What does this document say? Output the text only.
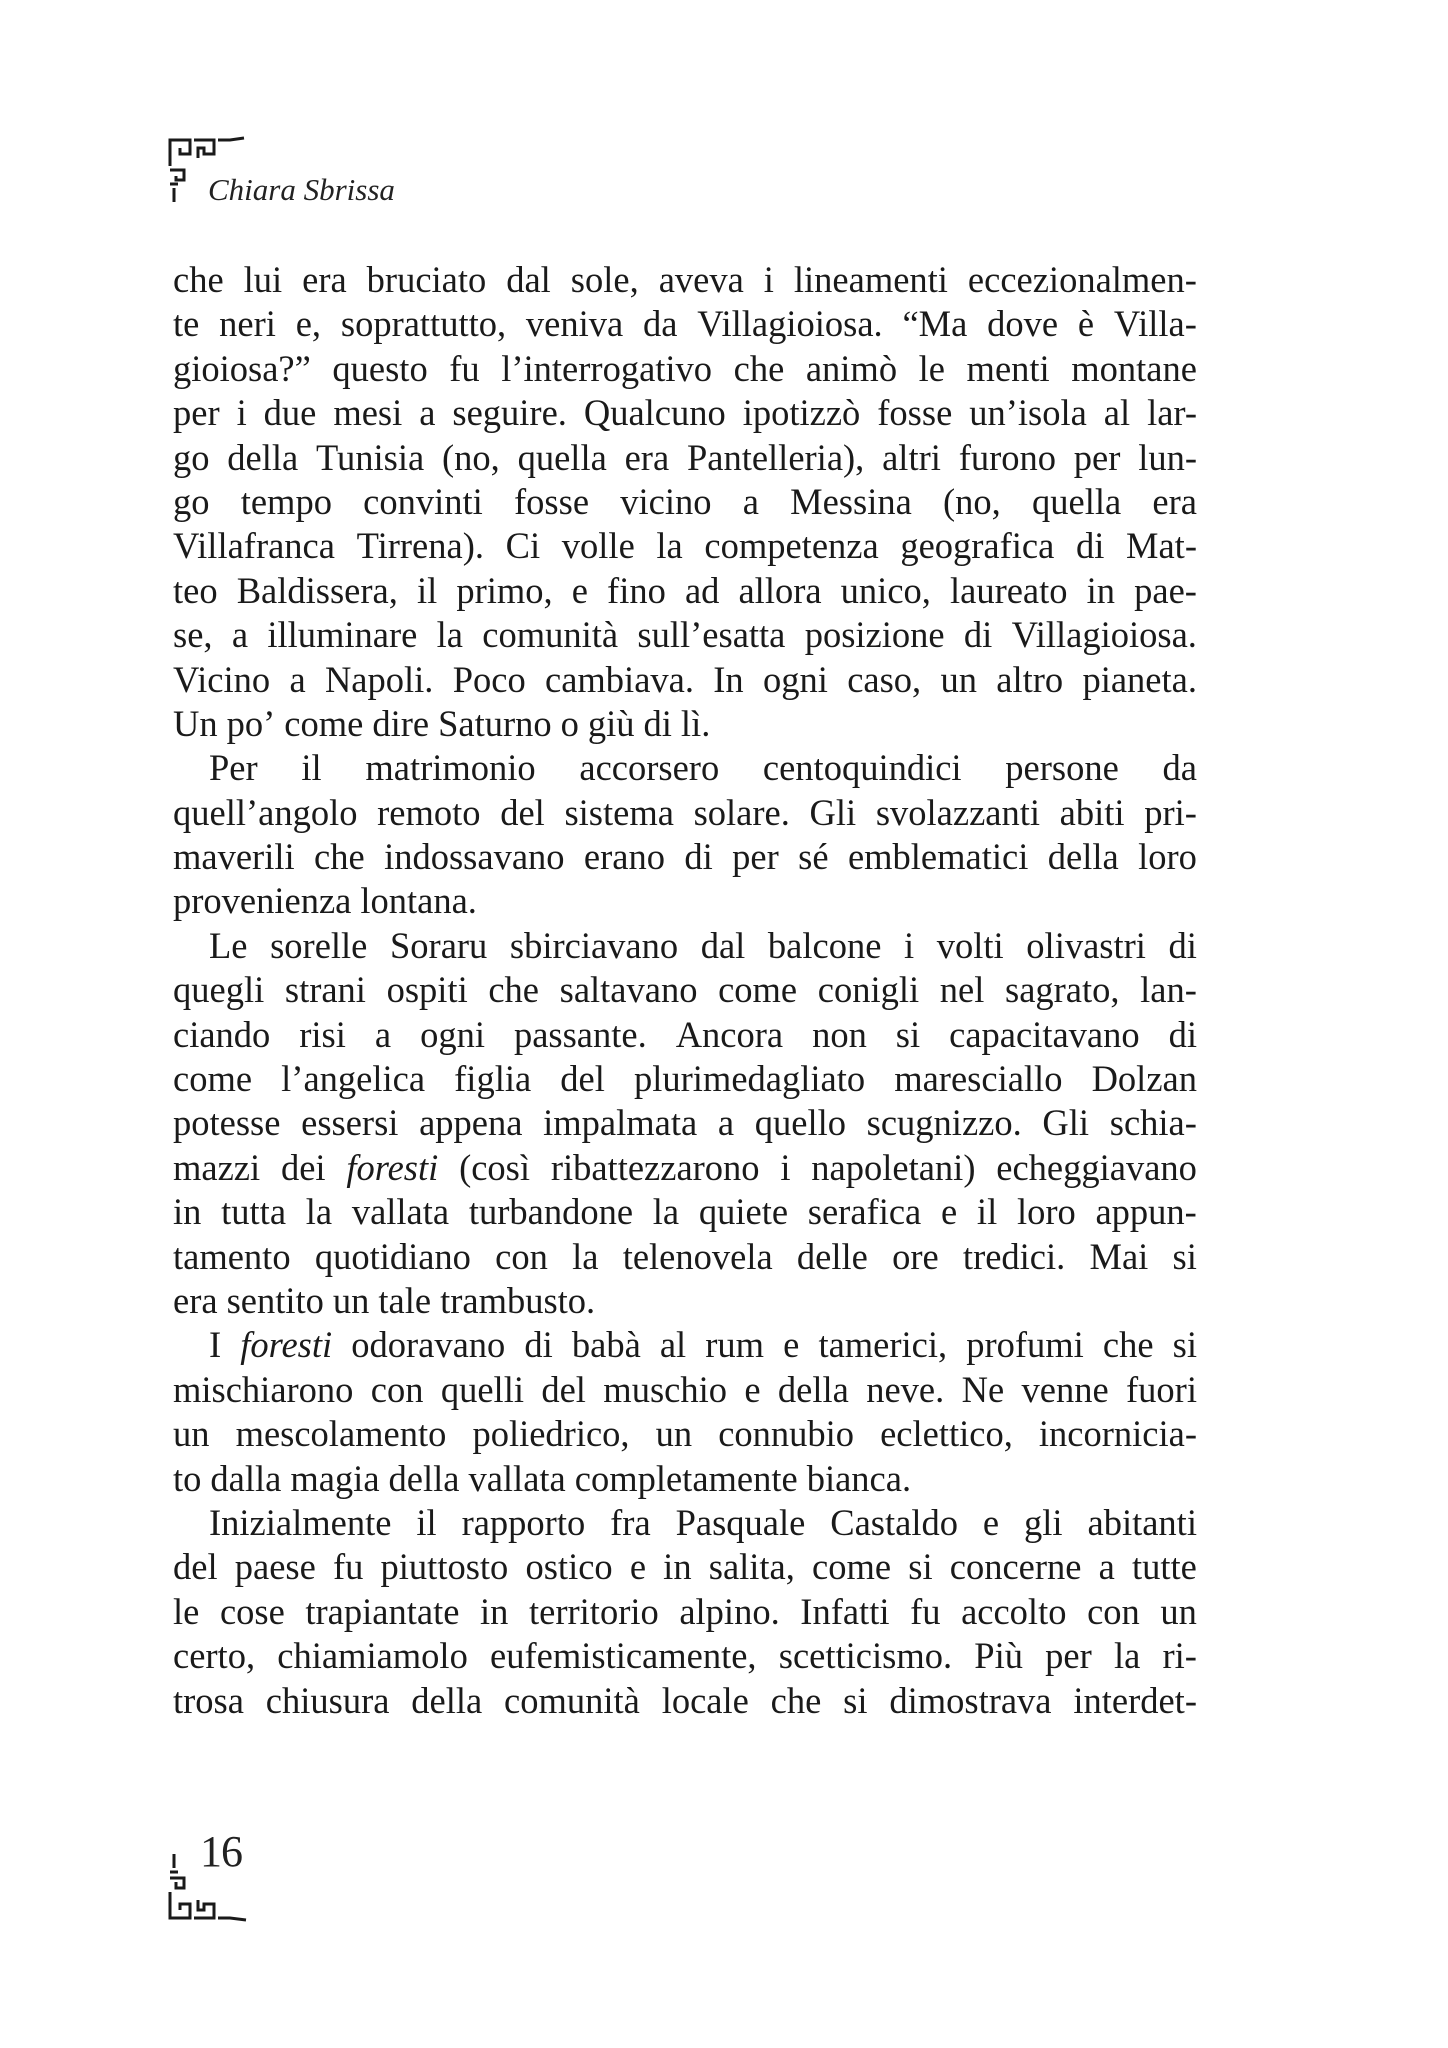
Chiara Sbrissa
che lui era bruciato dal sole, aveva i lineamenti eccezionalmen-
te neri e, soprattutto, veniva da Villagioiosa. “Ma dove è Villa-
gioiosa?” questo fu l’interrogativo che animò le menti montane
per i due mesi a seguire. Qualcuno ipotizzò fosse un’isola al lar-
go della Tunisia (no, quella era Pantelleria), altri furono per lun-
go tempo convinti fosse vicino a Messina (no, quella era
Villafranca Tirrena). Ci volle la competenza geografica di Mat-
teo Baldissera, il primo, e fino ad allora unico, laureato in pae-
se, a illuminare la comunità sull’esatta posizione di Villagioiosa.
Vicino a Napoli. Poco cambiava. In ogni caso, un altro pianeta.
Un po’ come dire Saturno o giù di lì.
Per il matrimonio accorsero centoquindici persone da
quell’angolo remoto del sistema solare. Gli svolazzanti abiti pri-
maverili che indossavano erano di per sé emblematici della loro
provenienza lontana.
Le sorelle Soraru sbirciavano dal balcone i volti olivastri di
quegli strani ospiti che saltavano come conigli nel sagrato, lan-
ciando risi a ogni passante. Ancora non si capacitavano di
come l’angelica figlia del plurimedagliato maresciallo Dolzan
potesse essersi appena impalmata a quello scugnizzo. Gli schia-
mazzi dei foresti (così ribattezzarono i napoletani) echeggiavano
in tutta la vallata turbandone la quiete serafica e il loro appun-
tamento quotidiano con la telenovela delle ore tredici. Mai si
era sentito un tale trambusto.
I foresti odoravano di babà al rum e tamerici, profumi che si
mischiarono con quelli del muschio e della neve. Ne venne fuori
un mescolamento poliedrico, un connubio eclettico, incornicia-
to dalla magia della vallata completamente bianca.
Inizialmente il rapporto fra Pasquale Castaldo e gli abitanti
del paese fu piuttosto ostico e in salita, come si concerne a tutte
le cose trapiantate in territorio alpino. Infatti fu accolto con un
certo, chiamiamolo eufemisticamente, scetticismo. Più per la ri-
trosa chiusura della comunità locale che si dimostrava interdet-
16
